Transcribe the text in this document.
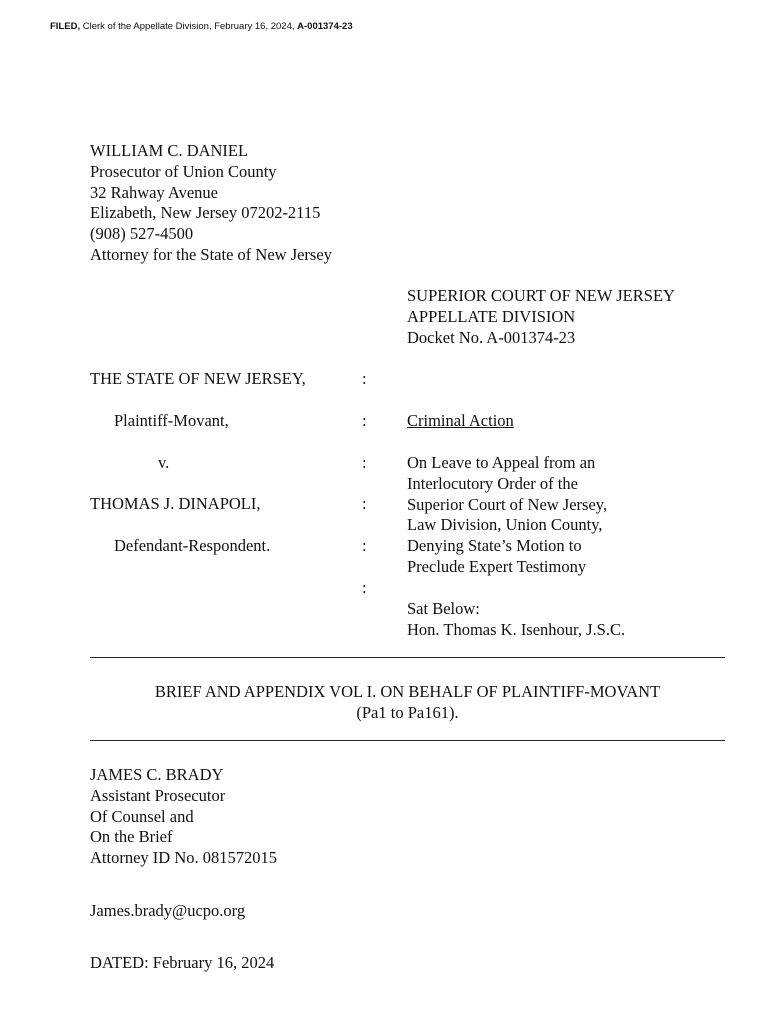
FILED, Clerk of the Appellate Division, February 16, 2024, A-001374-23
WILLIAM C. DANIEL
Prosecutor of Union County
32 Rahway Avenue
Elizabeth, New Jersey 07202-2115
(908) 527-4500
Attorney for the State of New Jersey
SUPERIOR COURT OF NEW JERSEY
APPELLATE DIVISION
Docket No. A-001374-23
THE STATE OF NEW JERSEY,
Plaintiff-Movant,
v.
THOMAS J. DINAPOLI,
Defendant-Respondent.
:
:
:
:
:
:
Criminal Action
On Leave to Appeal from an
Interlocutory Order of the
Superior Court of New Jersey,
Law Division, Union County,
Denying State’s Motion to
Preclude Expert Testimony
Sat Below:
Hon. Thomas K. Isenhour, J.S.C.
BRIEF AND APPENDIX VOL I. ON BEHALF OF PLAINTIFF-MOVANT
(Pa1 to Pa161).
JAMES C. BRADY
Assistant Prosecutor
Of Counsel and
On the Brief
Attorney ID No. 081572015
James.brady@ucpo.org
DATED: February 16, 2024
